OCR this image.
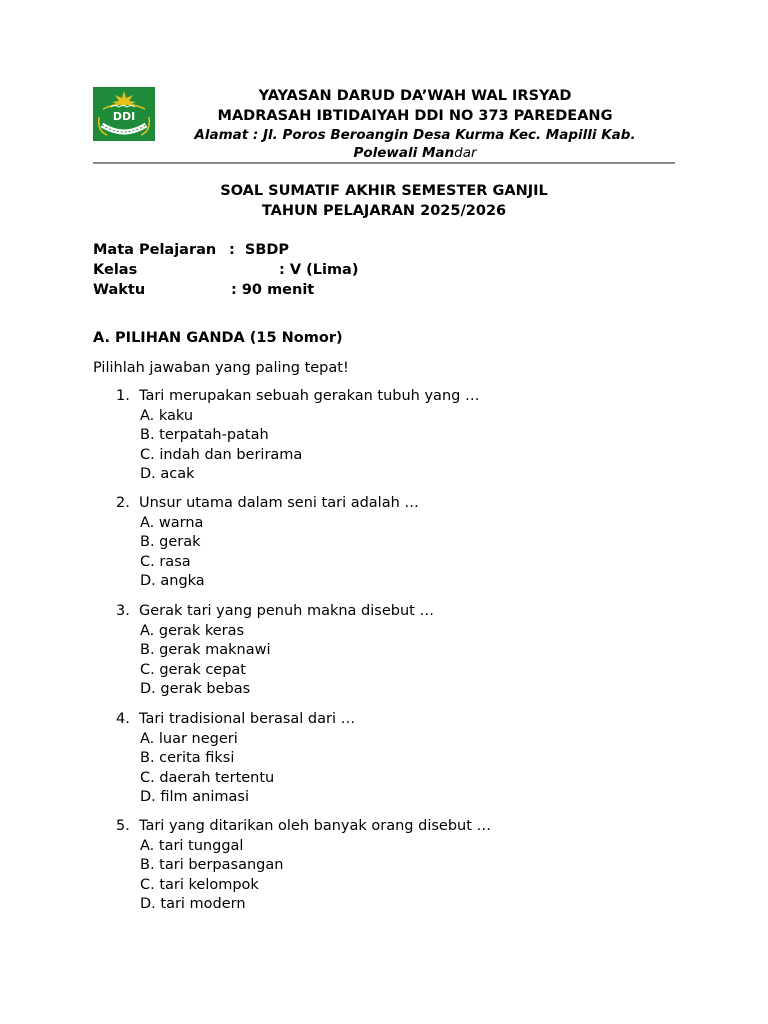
DDI
YAYASAN DARUD DA’WAH WAL IRSYAD
MADRASAH IBTIDAIYAH DDI NO 373 PAREDEANG
Alamat : Jl. Poros Beroangin Desa Kurma Kec. Mapilli Kab.
Polewali Mandar
SOAL SUMATIF AKHIR SEMESTER GANJIL
TAHUN PELAJARAN 2025/2026

Mata Pelajaran

:  SBDP

Kelas

	: V (Lima)

Waktu

	: 90 menit

A. PILIHAN GANDA (15 Nomor)
Pilihlah jawaban yang paling tepat!
1. Tari merupakan sebuah gerakan tubuh yang …
A. kaku
B. terpatah-patah
C. indah dan berirama
D. acak
2. Unsur utama dalam seni tari adalah …
A. warna
B. gerak
C. rasa
D. angka
3. Gerak tari yang penuh makna disebut …
A. gerak keras
B. gerak maknawi
C. gerak cepat
D. gerak bebas
4. Tari tradisional berasal dari …
A. luar negeri
B. cerita fiksi
C. daerah tertentu
D. film animasi
5. Tari yang ditarikan oleh banyak orang disebut …
A. tari tunggal
B. tari berpasangan
C. tari kelompok
D. tari modern
